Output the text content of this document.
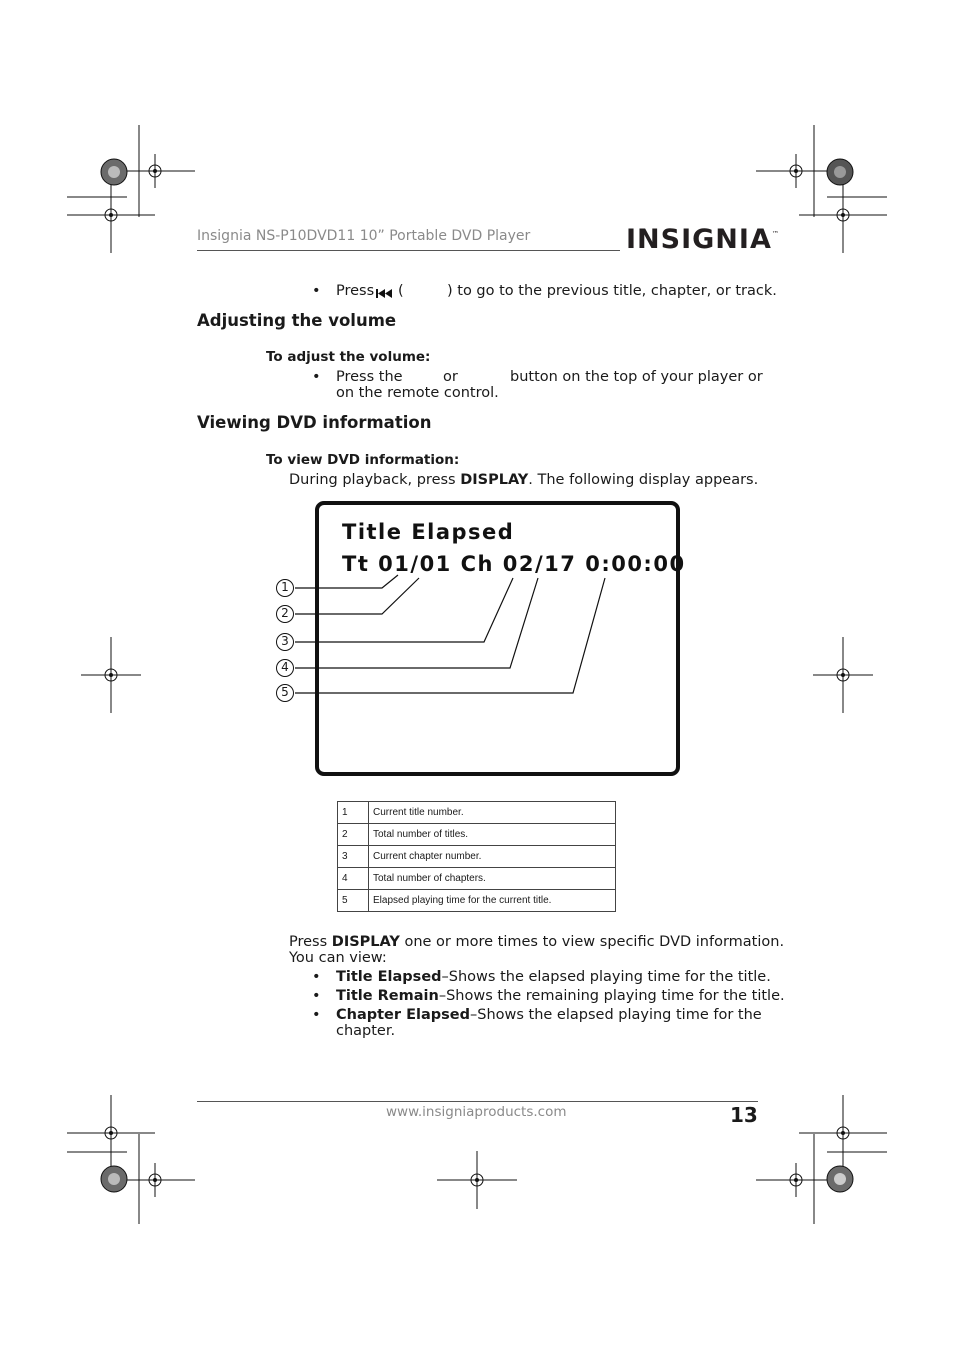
Insignia NS-P10DVD11 10” Portable DVD Player	INSIGNIA™
• Press (	) to go to the previous title, chapter, or track.
Adjusting the volume
To adjust the volume:
• Press the	or	button on the top of your player or
on the remote control.
Viewing DVD information
To view DVD information:
During playback, press DISPLAY. The following display appears.
Title Elapsed
Tt 01/01 Ch 02/17 0:00:00
1
2
3
4
5
1	Current title number.
2	Total number of titles.
3	Current chapter number.
4	Total number of chapters.
5	Elapsed playing time for the current title.
Press DISPLAY one or more times to view specific DVD information.
You can view:
• Title Elapsed–Shows the elapsed playing time for the title.
• Title Remain–Shows the remaining playing time for the title.
• Chapter Elapsed–Shows the elapsed playing time for the
chapter.
www.insigniaproducts.com	13
